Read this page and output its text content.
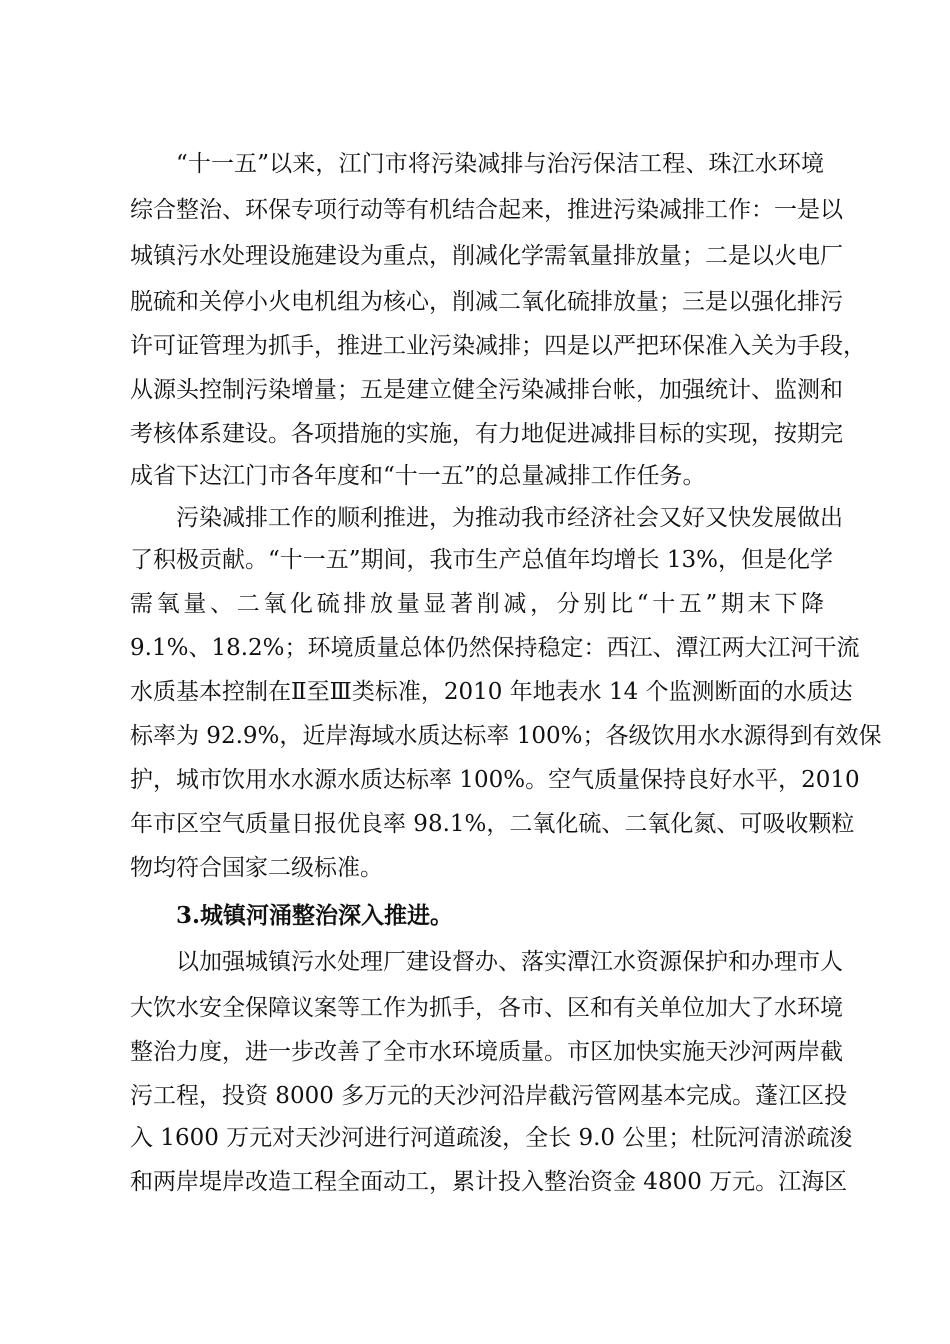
“十一五”以来，江门市将污染减排与治污保洁工程、珠江水环境
综合整治、环保专项行动等有机结合起来，推进污染减排工作：一是以
城镇污水处理设施建设为重点，削减化学需氧量排放量；二是以火电厂
脱硫和关停小火电机组为核心，削减二氧化硫排放量；三是以强化排污
许可证管理为抓手，推进工业污染减排；四是以严把环保准入关为手段，
从源头控制污染增量；五是建立健全污染减排台帐，加强统计、监测和
考核体系建设。各项措施的实施，有力地促进减排目标的实现，按期完
成省下达江门市各年度和“十一五”的总量减排工作任务。
污染减排工作的顺利推进，为推动我市经济社会又好又快发展做出
了积极贡献。“十一五”期间，我市生产总值年均增长 13%，但是化学
需氧量、二氧化硫排放量显著削减，分别比“十五”期末下降
9.1%、18.2%；环境质量总体仍然保持稳定：西江、潭江两大江河干流
水质基本控制在Ⅱ至Ⅲ类标准，2010 年地表水 14 个监测断面的水质达
标率为 92.9%，近岸海域水质达标率 100%；各级饮用水水源得到有效保
护，城市饮用水水源水质达标率 100%。空气质量保持良好水平，2010
年市区空气质量日报优良率 98.1%，二氧化硫、二氧化氮、可吸收颗粒
物均符合国家二级标准。
3.城镇河涌整治深入推进。
以加强城镇污水处理厂建设督办、落实潭江水资源保护和办理市人
大饮水安全保障议案等工作为抓手，各市、区和有关单位加大了水环境
整治力度，进一步改善了全市水环境质量。市区加快实施天沙河两岸截
污工程，投资 8000 多万元的天沙河沿岸截污管网基本完成。蓬江区投
入 1600 万元对天沙河进行河道疏浚，全长 9.0 公里；杜阮河清淤疏浚
和两岸堤岸改造工程全面动工，累计投入整治资金 4800 万元。江海区
